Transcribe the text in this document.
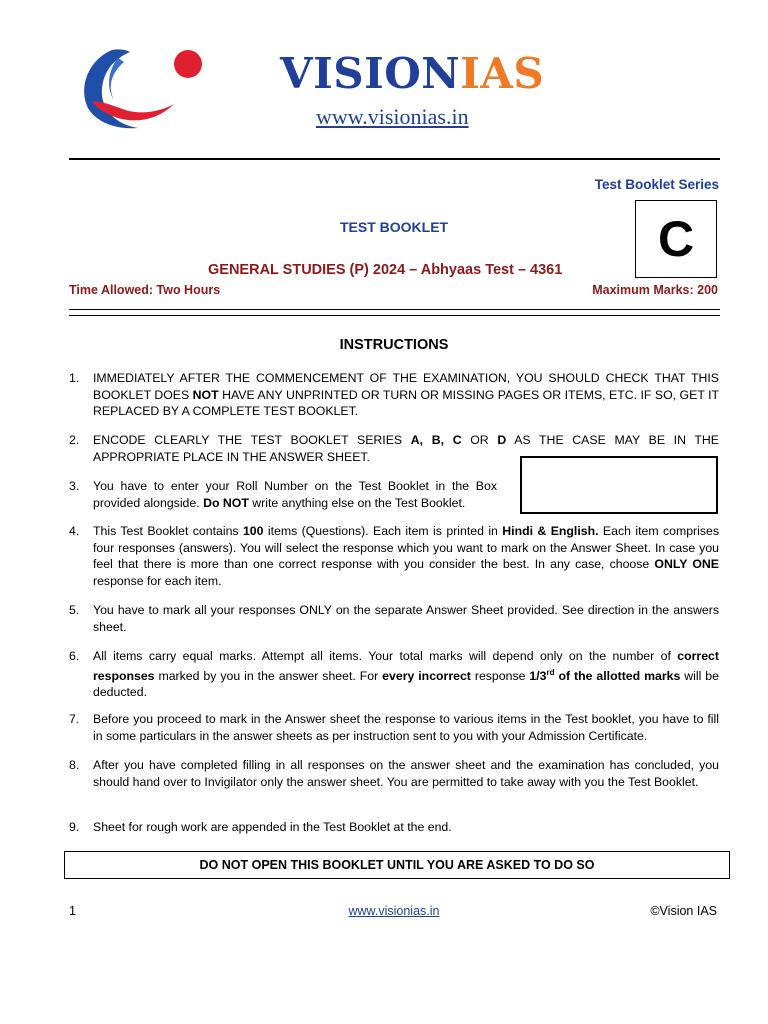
VISIONIAS
www.visionias.in
Test Booklet Series
C
TEST BOOKLET
GENERAL STUDIES (P) 2024 – Abhyaas Test – 4361
Time Allowed: Two Hours	Maximum Marks: 200
INSTRUCTIONS
1. IMMEDIATELY AFTER THE COMMENCEMENT OF THE EXAMINATION, YOU SHOULD CHECK THAT THIS BOOKLET DOES NOT HAVE ANY UNPRINTED OR TURN OR MISSING PAGES OR ITEMS, ETC. IF SO, GET IT REPLACED BY A COMPLETE TEST BOOKLET.
2. ENCODE CLEARLY THE TEST BOOKLET SERIES A, B, C OR D AS THE CASE MAY BE IN THE APPROPRIATE PLACE IN THE ANSWER SHEET.
3. You have to enter your Roll Number on the Test Booklet in the Box provided alongside. Do NOT write anything else on the Test Booklet.
4. This Test Booklet contains 100 items (Questions). Each item is printed in Hindi & English. Each item comprises four responses (answers). You will select the response which you want to mark on the Answer Sheet. In case you feel that there is more than one correct response with you consider the best. In any case, choose ONLY ONE response for each item.
5. You have to mark all your responses ONLY on the separate Answer Sheet provided. See direction in the answers sheet.
6. All items carry equal marks. Attempt all items. Your total marks will depend only on the number of correct responses marked by you in the answer sheet. For every incorrect response 1/3rd of the allotted marks will be deducted.
7. Before you proceed to mark in the Answer sheet the response to various items in the Test booklet, you have to fill in some particulars in the answer sheets as per instruction sent to you with your Admission Certificate.
8. After you have completed filling in all responses on the answer sheet and the examination has concluded, you should hand over to Invigilator only the answer sheet. You are permitted to take away with you the Test Booklet.
9. Sheet for rough work are appended in the Test Booklet at the end.
DO NOT OPEN THIS BOOKLET UNTIL YOU ARE ASKED TO DO SO
1	www.visionias.in	©Vision IAS
